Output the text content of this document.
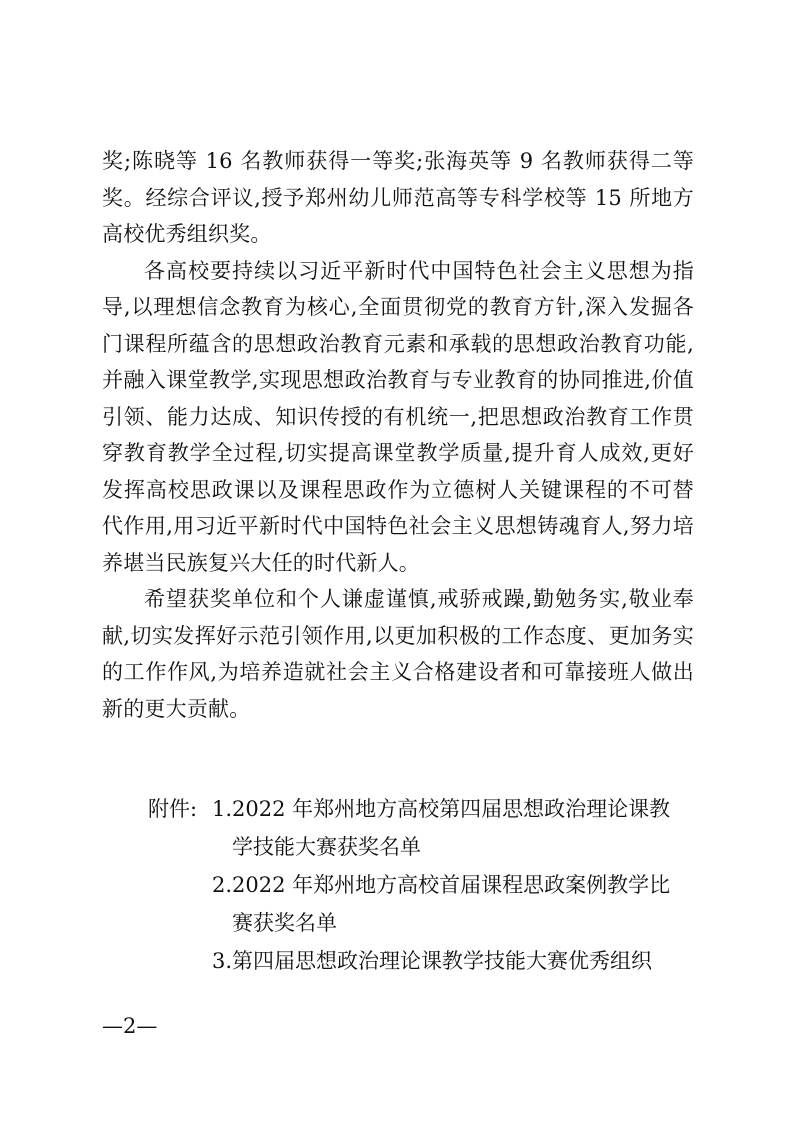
奖;陈晓等 16 名教师获得一等奖;张海英等 9 名教师获得二等奖。经综合评议,授予郑州幼儿师范高等专科学校等 15 所地方高校优秀组织奖。

各高校要持续以习近平新时代中国特色社会主义思想为指导,以理想信念教育为核心,全面贯彻党的教育方针,深入发掘各门课程所蕴含的思想政治教育元素和承载的思想政治教育功能,并融入课堂教学,实现思想政治教育与专业教育的协同推进,价值引领、能力达成、知识传授的有机统一,把思想政治教育工作贯穿教育教学全过程,切实提高课堂教学质量,提升育人成效,更好发挥高校思政课以及课程思政作为立德树人关键课程的不可替代作用,用习近平新时代中国特色社会主义思想铸魂育人,努力培养堪当民族复兴大任的时代新人。

希望获奖单位和个人谦虚谨慎,戒骄戒躁,勤勉务实,敬业奉献,切实发挥好示范引领作用,以更加积极的工作态度、更加务实的工作作风,为培养造就社会主义合格建设者和可靠接班人做出新的更大贡献。

附件: 1. 2022 年郑州地方高校第四届思想政治理论课教学技能大赛获奖名单
2. 2022 年郑州地方高校首届课程思政案例教学比赛获奖名单
3. 第四届思想政治理论课教学技能大赛优秀组织
—2—
